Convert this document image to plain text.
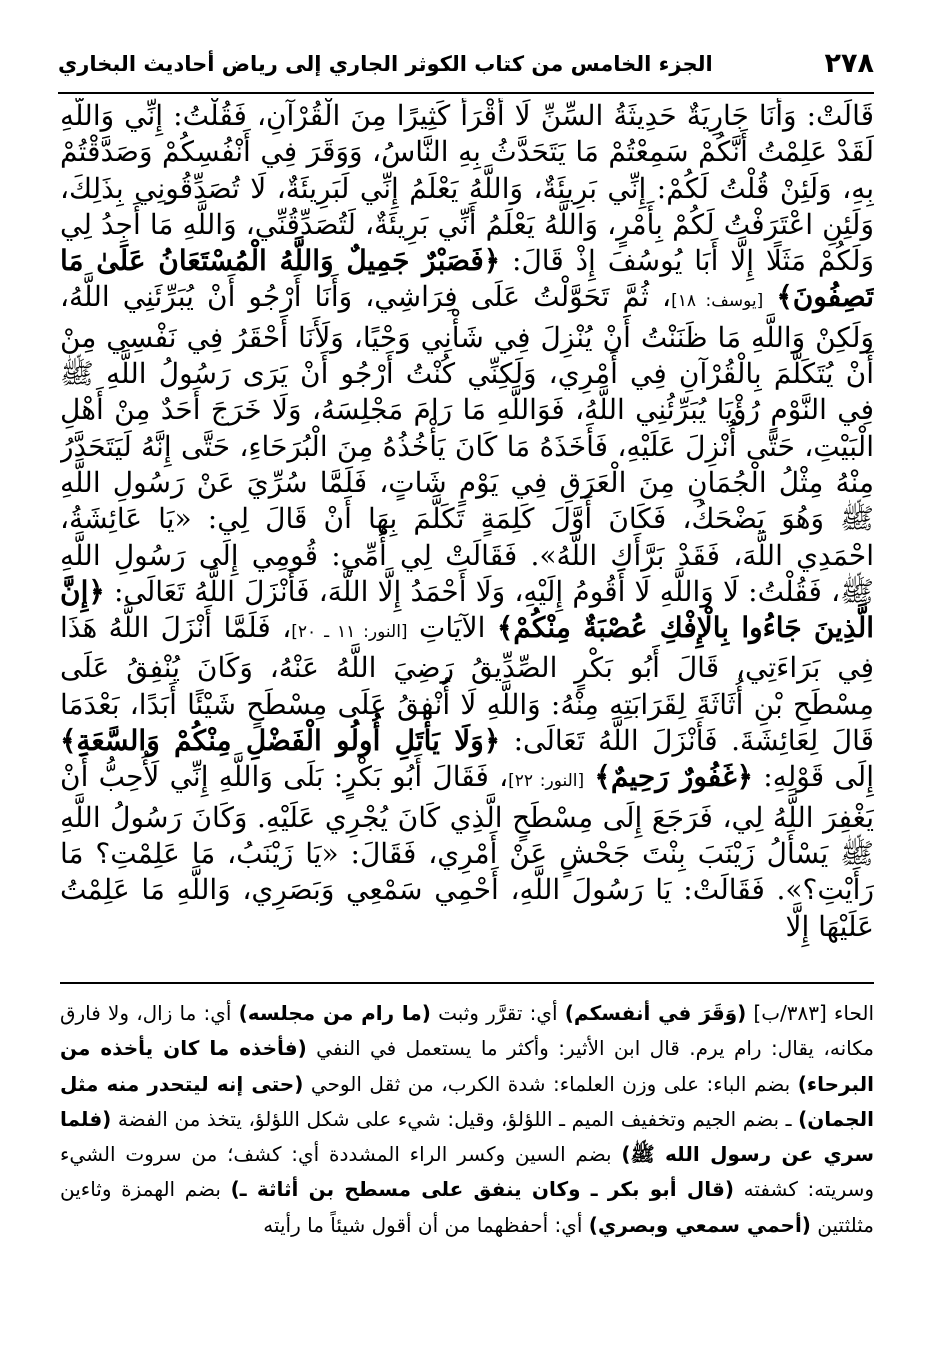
٢٧٨
الجزء الخامس من كتاب الكوثر الجاري إلى رياض أحاديث البخاري
قَالَتْ: وَأَنَا جَارِيَةٌ حَدِيثَةُ السِّنِّ لَا أَقْرَأُ كَثِيرًا مِنَ الْقُرْآنِ، فَقُلْتُ: إِنِّي وَاللَّهِ لَقَدْ عَلِمْتُ أَنَّكُمْ سَمِعْتُمْ مَا يَتَحَدَّثُ بِهِ النَّاسُ، وَوَقَرَ فِي أَنْفُسِكُمْ وَصَدَّقْتُمْ بِهِ، وَلَئِنْ قُلْتُ لَكُمْ: إِنِّي بَرِيئَةٌ، وَاللَّهُ يَعْلَمُ إِنِّي لَبَرِيئَةٌ، لَا تُصَدِّقُونِي بِذَلِكَ، وَلَئِنِ اعْتَرَفْتُ لَكُمْ بِأَمْرٍ، وَاللَّهُ يَعْلَمُ أَنِّي بَرِيئَةٌ، لَتُصَدِّقُنِّي، وَاللَّهِ مَا أَجِدُ لِي وَلَكُمْ مَثَلًا إِلَّا أَبَا يُوسُفَ إِذْ قَالَ: ﴿فَصَبْرٌ جَمِيلٌ وَاللَّهُ الْمُسْتَعَانُ عَلَىٰ مَا تَصِفُونَ﴾ [يوسف: ١٨]، ثُمَّ تَحَوَّلْتُ عَلَى فِرَاشِي، وَأَنَا أَرْجُو أَنْ يُبَرِّئَنِي اللَّهُ، وَلَكِنْ وَاللَّهِ مَا ظَنَنْتُ أَنْ يُنْزِلَ فِي شَأْنِي وَحْيًا، وَلَأَنَا أَحْقَرُ فِي نَفْسِي مِنْ أَنْ يُتَكَلَّمَ بِالْقُرْآنِ فِي أَمْرِي، وَلَكِنِّي كُنْتُ أَرْجُو أَنْ يَرَى رَسُولُ اللَّهِ ﷺ فِي النَّوْمِ رُؤْيَا يُبَرِّئُنِي اللَّهُ، فَوَاللَّهِ مَا رَامَ مَجْلِسَهُ، وَلَا خَرَجَ أَحَدٌ مِنْ أَهْلِ الْبَيْتِ، حَتَّى أُنْزِلَ عَلَيْهِ، فَأَخَذَهُ مَا كَانَ يَأْخُذُهُ مِنَ الْبُرَحَاءِ، حَتَّى إِنَّهُ لَيَتَحَدَّرُ مِنْهُ مِثْلُ الْجُمَانِ مِنَ الْعَرَقِ فِي يَوْمٍ شَاتٍ، فَلَمَّا سُرِّيَ عَنْ رَسُولِ اللَّهِ ﷺ وَهُوَ يَضْحَكُ، فَكَانَ أَوَّلَ كَلِمَةٍ تَكَلَّمَ بِهَا أَنْ قَالَ لِي: «يَا عَائِشَةُ، احْمَدِي اللَّهَ، فَقَدْ بَرَّأَكِ اللَّهُ». فَقَالَتْ لِي أُمِّي: قُومِي إِلَى رَسُولِ اللَّهِ ﷺ، فَقُلْتُ: لَا وَاللَّهِ لَا أَقُومُ إِلَيْهِ، وَلَا أَحْمَدُ إِلَّا اللَّهَ، فَأَنْزَلَ اللَّهُ تَعَالَى: ﴿إِنَّ الَّذِينَ جَاءُوا بِالْإِفْكِ عُصْبَةٌ مِنْكُمْ﴾ الآيَاتِ [النور: ١١ ـ ٢٠]، فَلَمَّا أَنْزَلَ اللَّهُ هَذَا فِي بَرَاءَتِي، قَالَ أَبُو بَكْرٍ الصِّدِّيقُ رَضِيَ اللَّهُ عَنْهُ، وَكَانَ يُنْفِقُ عَلَى مِسْطَحِ بْنِ أُثَاثَةَ لِقَرَابَتِهِ مِنْهُ: وَاللَّهِ لَا أُنْفِقُ عَلَى مِسْطَحٍ شَيْئًا أَبَدًا، بَعْدَمَا قَالَ لِعَائِشَةَ. فَأَنْزَلَ اللَّهُ تَعَالَى: ﴿وَلَا يَأْتَلِ أُولُو الْفَضْلِ مِنْكُمْ وَالسَّعَةِ﴾ إِلَى قَوْلِهِ: ﴿غَفُورٌ رَحِيمٌ﴾ [النور: ٢٢]، فَقَالَ أَبُو بَكْرٍ: بَلَى وَاللَّهِ إِنِّي لَأُحِبُّ أَنْ يَغْفِرَ اللَّهُ لِي، فَرَجَعَ إِلَى مِسْطَحٍ الَّذِي كَانَ يُجْرِي عَلَيْهِ. وَكَانَ رَسُولُ اللَّهِ ﷺ يَسْأَلُ زَيْنَبَ بِنْتَ جَحْشٍ عَنْ أَمْرِي، فَقَالَ: «يَا زَيْنَبُ، مَا عَلِمْتِ؟ مَا رَأَيْتِ؟». فَقَالَتْ: يَا رَسُولَ اللَّهِ، أَحْمِي سَمْعِي وَبَصَرِي، وَاللَّهِ مَا عَلِمْتُ عَلَيْهَا إِلَّا
الحاء [٣٨٣/ب] (وَقَرَ في أنفسكم) أي: تقرَّر وثبت (ما رام من مجلسه) أي: ما زال، ولا فارق مكانه، يقال: رام يرم. قال ابن الأثير: وأكثر ما يستعمل في النفي (فأخذه ما كان يأخذه من البرحاء) بضم الباء: على وزن العلماء: شدة الكرب، من ثقل الوحي (حتى إنه ليتحدر منه مثل الجمان) ـ بضم الجيم وتخفيف الميم ـ اللؤلؤ، وقيل: شيء على شكل اللؤلؤ، يتخذ من الفضة (فلما سري عن رسول الله ﷺ) بضم السين وكسر الراء المشددة أي: كشف؛ من سروت الشيء وسريته: كشفته (قال أبو بكر ـ وكان ينفق على مسطح بن أثاثة ـ) بضم الهمزة وثاءين مثلثتين (أحمي سمعي وبصري) أي: أحفظهما من أن أقول شيئاً ما رأيته
